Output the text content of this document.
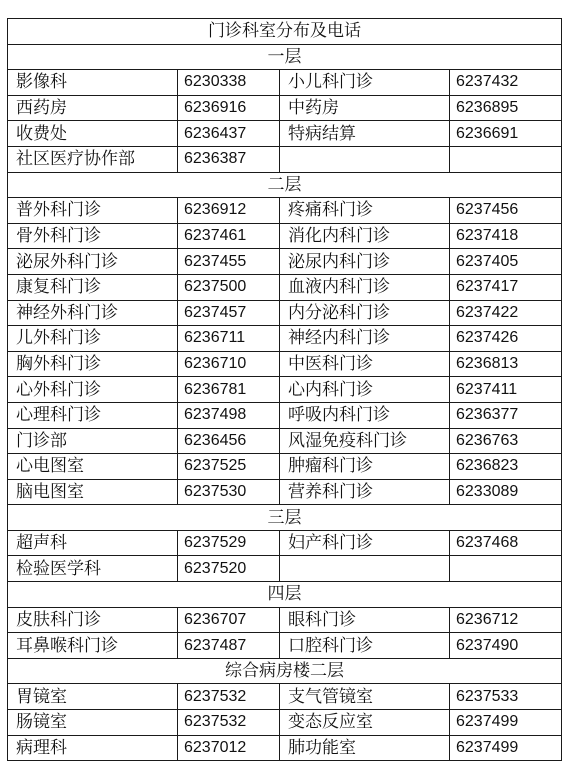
门诊科室分布及电话			
一层			
影像科	6230338	小儿科门诊	6237432
西药房	6236916	中药房	6236895
收费处	6236437	特病结算	6236691
社区医疗协作部	6236387		
二层			
普外科门诊	6236912	疼痛科门诊	6237456
骨外科门诊	6237461	消化内科门诊	6237418
泌尿外科门诊	6237455	泌尿内科门诊	6237405
康复科门诊	6237500	血液内科门诊	6237417
神经外科门诊	6237457	内分泌科门诊	6237422
儿外科门诊	6236711	神经内科门诊	6237426
胸外科门诊	6236710	中医科门诊	6236813
心外科门诊	6236781	心内科门诊	6237411
心理科门诊	6237498	呼吸内科门诊	6236377
门诊部	6236456	风湿免疫科门诊	6236763
心电图室	6237525	肿瘤科门诊	6236823
脑电图室	6237530	营养科门诊	6233089
三层			
超声科	6237529	妇产科门诊	6237468
检验医学科	6237520		
四层			
皮肤科门诊	6236707	眼科门诊	6236712
耳鼻喉科门诊	6237487	口腔科门诊	6237490
综合病房楼二层			
胃镜室	6237532	支气管镜室	6237533
肠镜室	6237532	变态反应室	6237499
病理科	6237012	肺功能室	6237499
